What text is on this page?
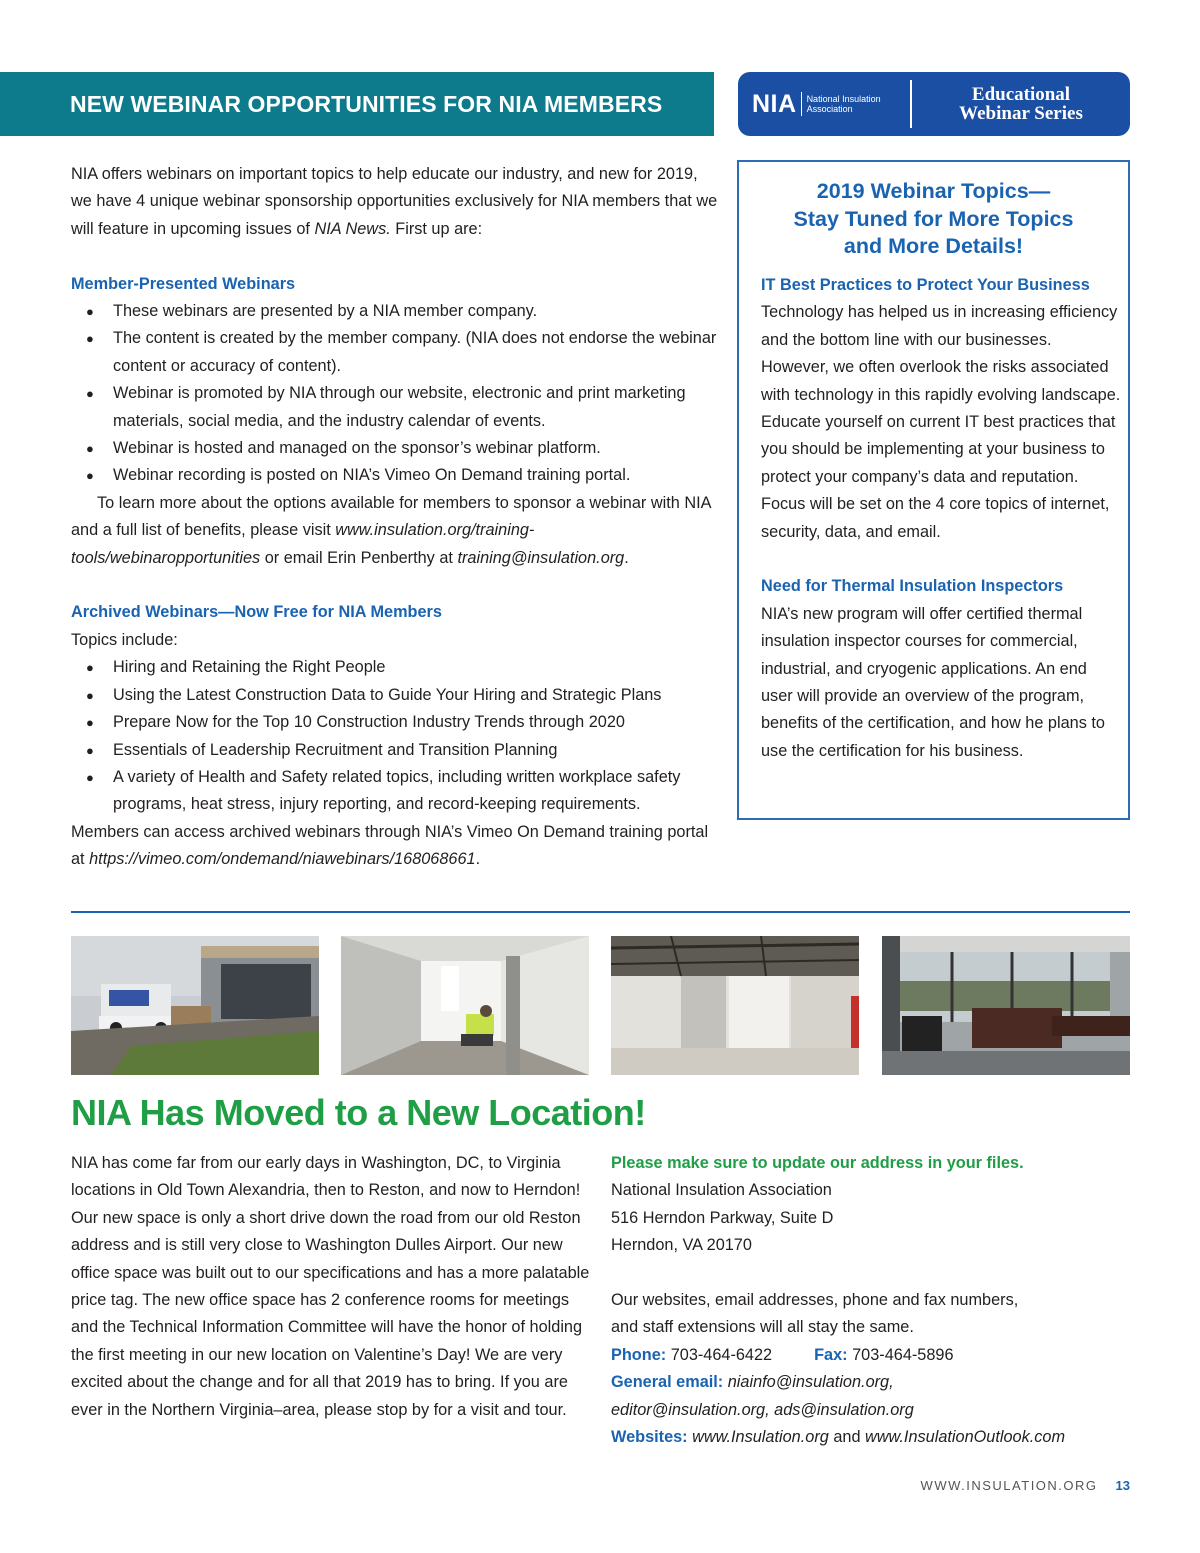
NEW WEBINAR OPPORTUNITIES FOR NIA MEMBERS	NIA National Insulation
Association
Educational
Webinar Series

NIA offers webinars on important topics to help educate our industry, and new for 2019, we have 4 unique webinar sponsorship opportunities exclusively for NIA members that we will feature in upcoming issues of NIA News. First up are:

Member-Presented Webinars

● These webinars are presented by a NIA member company.
● The content is created by the member company. (NIA does not endorse the webinar content or accuracy of content).
● Webinar is promoted by NIA through our website, electronic and print marketing materials, social media, and the industry calendar of events.
● Webinar is hosted and managed on the sponsor’s webinar platform.
● Webinar recording is posted on NIA’s Vimeo On Demand training portal.

To learn more about the options available for members to sponsor a webinar with NIA and a full list of benefits, please visit www.insulation.org/training-tools/webinaropportunities or email Erin Penberthy at training@insulation.org.

Archived Webinars—Now Free for NIA Members

Topics include:

● Hiring and Retaining the Right People
● Using the Latest Construction Data to Guide Your Hiring and Strategic Plans
● Prepare Now for the Top 10 Construction Industry Trends through 2020
● Essentials of Leadership Recruitment and Transition Planning
● A variety of Health and Safety related topics, including written workplace safety programs, heat stress, injury reporting, and record-keeping requirements.

Members can access archived webinars through NIA’s Vimeo On Demand training portal at https://vimeo.com/ondemand/niawebinars/168068661.

2019 Webinar Topics—
Stay Tuned for More Topics
and More Details!

IT Best Practices to Protect Your Business

Technology has helped us in increasing efficiency and the bottom line with our businesses. However, we often overlook the risks associated with technology in this rapidly evolving landscape. Educate yourself on current IT best practices that you should be implementing at your business to protect your company’s data and reputation. Focus will be set on the 4 core topics of internet, security, data, and email.

Need for Thermal Insulation Inspectors

NIA’s new program will offer certified thermal insulation inspector courses for commercial, industrial, and cryogenic applications. An end user will provide an overview of the program, benefits of the certification, and how he plans to use the certification for his business.

NIA Has Moved to a New Location!

NIA has come far from our early days in Washington, DC, to Virginia locations in Old Town Alexandria, then to Reston, and now to Herndon! Our new space is only a short drive down the road from our old Reston address and is still very close to Washington Dulles Airport. Our new office space was built out to our specifications and has a more palatable price tag. The new office space has 2 conference rooms for meetings and the Technical Information Committee will have the honor of holding the first meeting in our new location on Valentine’s Day! We are very excited about the change and for all that 2019 has to bring. If you are ever in the Northern Virginia–area, please stop by for a visit and tour.

Please make sure to update our address in your files.

National Insulation Association

516 Herndon Parkway, Suite D

Herndon, VA 20170

Our websites, email addresses, phone and fax numbers, and staff extensions will all stay the same.

Phone: 703-464-6422	Fax: 703-464-5896

General email: niainfo@insulation.org,

editor@insulation.org, ads@insulation.org

Websites: www.Insulation.org and www.InsulationOutlook.com

WWW.INSULATION.ORG 13
